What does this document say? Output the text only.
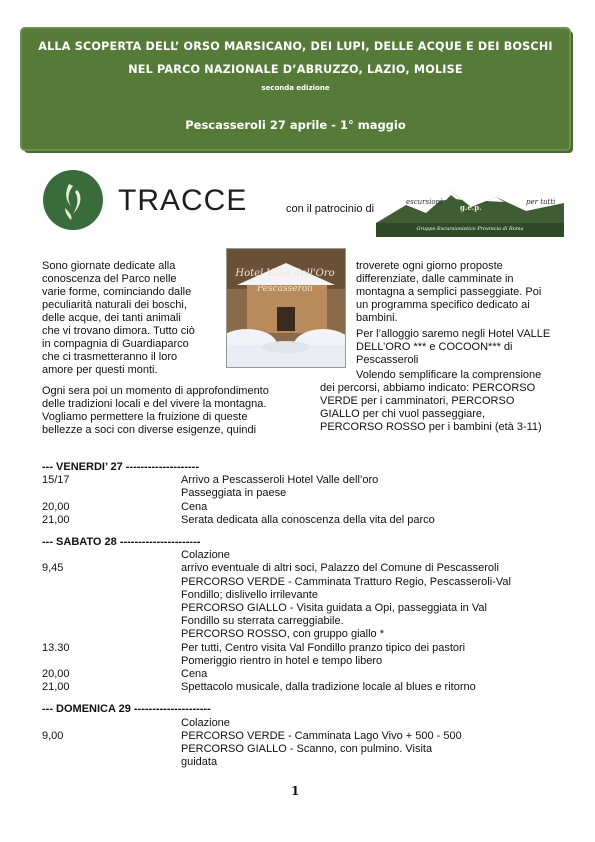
ALLA SCOPERTA DELL’ ORSO MARSICANO, DEI LUPI, DELLE ACQUE E DEI BOSCHI
NEL PARCO NAZIONALE D’ABRUZZO, LAZIO, MOLISE
seconda edizione
Pescasseroli 27 aprile - 1° maggio
TRACCE	con il patrocinio di
escursioni	per tutti
g.e.p.
Gruppo Escursionistico Provincia di Roma
Hotel Valle dell'Oro
Pescasseroli
Sono giornate dedicate alla
conoscenza del Parco nelle
varie forme, cominciando dalle
peculiarità naturali dei boschi,
delle acque, dei tanti animali
che vi trovano dimora. Tutto ciò
in compagnia di Guardiaparco
che ci trasmetteranno il loro
amore per questi monti.
Ogni sera poi un momento di approfondimento
delle tradizioni locali e del vivere la montagna.
Vogliamo permettere la fruizione di queste
bellezze a soci con diverse esigenze, quindi
troverete ogni giorno proposte
differenziate, dalle camminate in
montagna a semplici passeggiate. Poi
un programma specifico dedicato ai
bambini.
Per l’alloggio saremo negli Hotel VALLE
DELL’ORO *** e COCOON*** di
Pescasseroli
Volendo semplificare la comprensione
dei percorsi, abbiamo indicato: PERCORSO
VERDE per i camminatori, PERCORSO
GIALLO per chi vuol passeggiare,
PERCORSO ROSSO per i bambini (età 3-11)
--- VENERDI’ 27 --------------------
15/17	Arrivo a Pescasseroli Hotel Valle dell’oro
Passeggiata in paese
20,00	Cena
21,00	Serata dedicata alla conoscenza della vita del parco
--- SABATO 28 ----------------------
Colazione
9,45	arrivo eventuale di altri soci, Palazzo del Comune di Pescasseroli
PERCORSO VERDE - Camminata Tratturo Regio, Pescasseroli-Val
Fondillo; dislivello irrilevante
PERCORSO GIALLO - Visita guidata a Opi, passeggiata in Val
Fondillo su sterrata carreggiabile.
PERCORSO ROSSO, con gruppo giallo *
13.30	Per tutti, Centro visita Val Fondillo pranzo tipico dei pastori
Pomeriggio rientro in hotel e tempo libero
20,00	Cena
21,00	Spettacolo musicale, dalla tradizione locale al blues e ritorno
--- DOMENICA 29 ---------------------
Colazione
9,00	PERCORSO VERDE - Camminata Lago Vivo + 500 - 500
PERCORSO GIALLO - Scanno, con pulmino. Visita
guidata
1
